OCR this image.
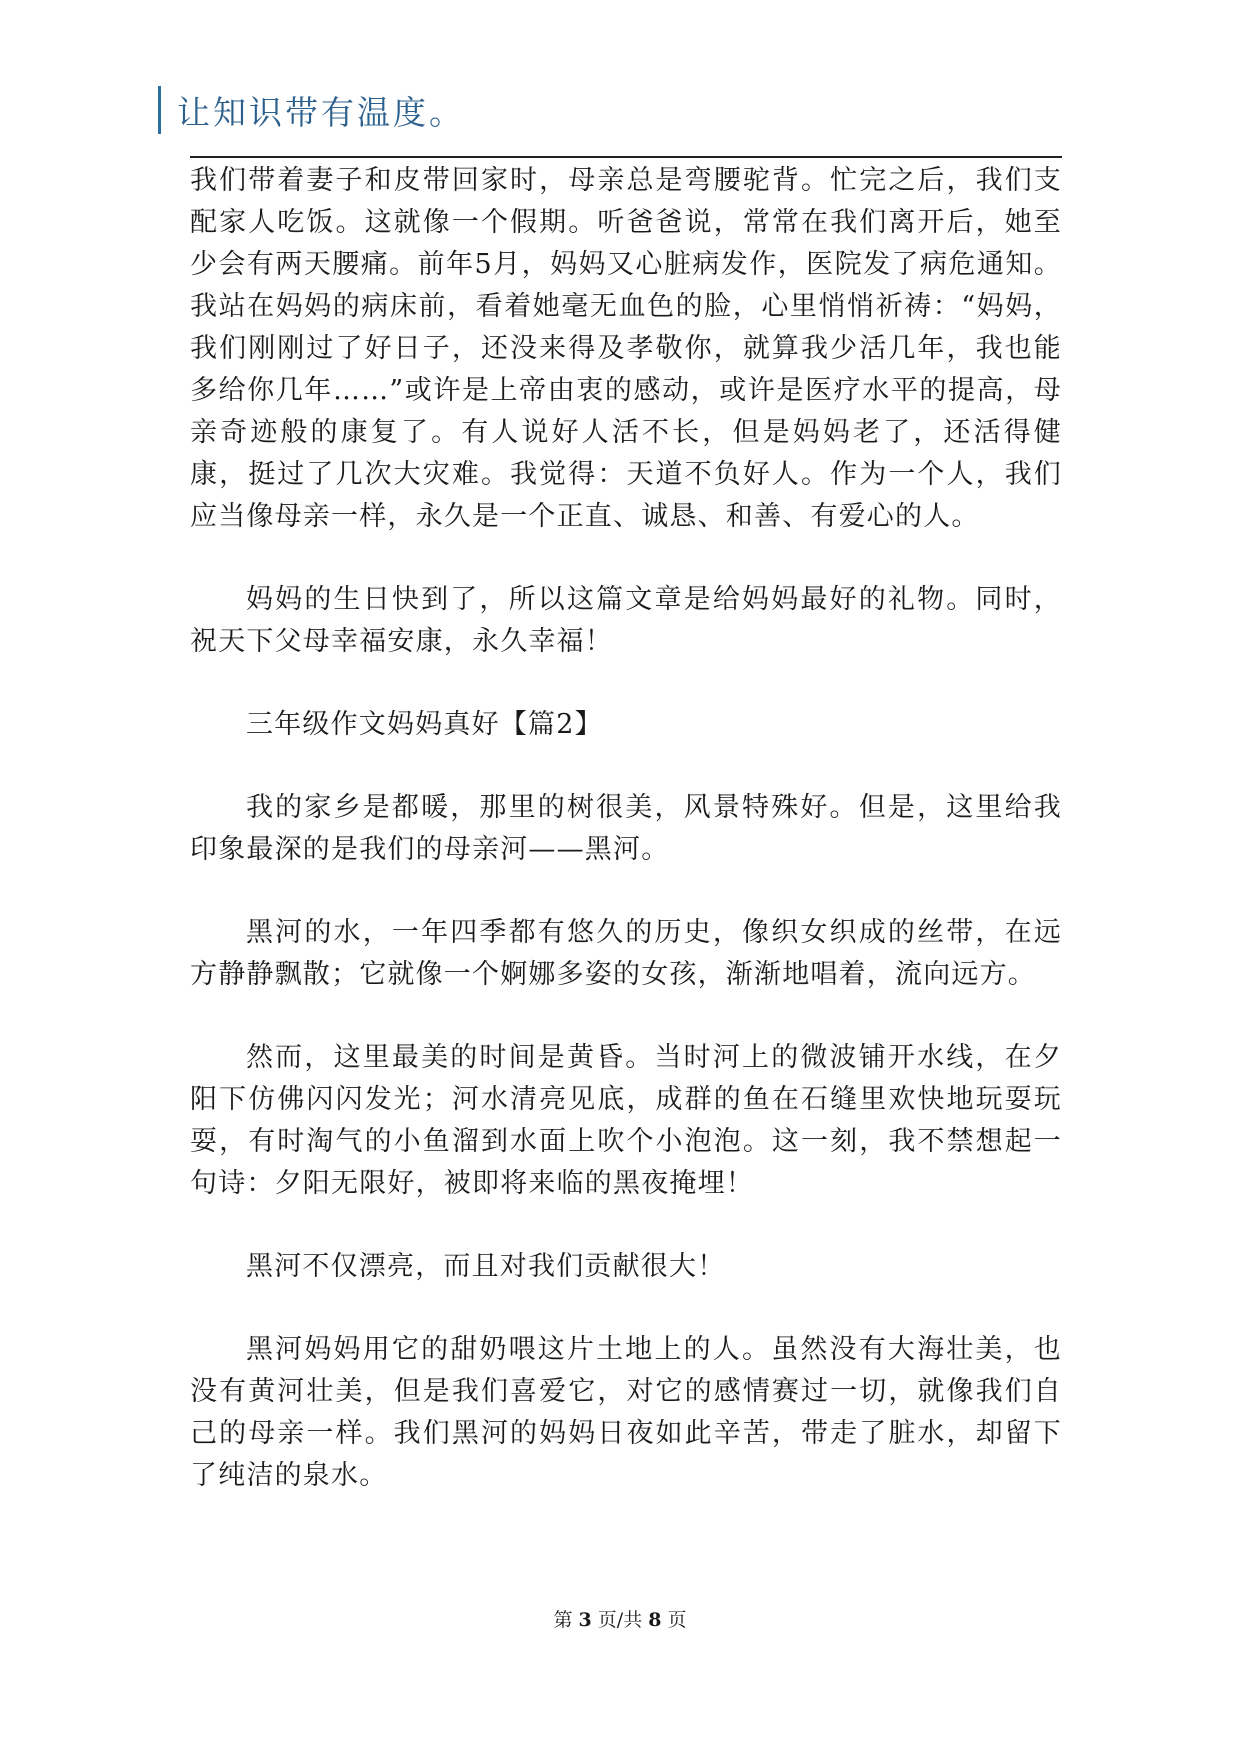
让知识带有温度。

我们带着妻子和皮带回家时，母亲总是弯腰驼背。忙完之后，我们支配家人吃饭。这就像一个假期。听爸爸说，常常在我们离开后，她至少会有两天腰痛。前年5月，妈妈又心脏病发作，医院发了病危通知。我站在妈妈的病床前，看着她毫无血色的脸，心里悄悄祈祷：“妈妈，我们刚刚过了好日子，还没来得及孝敬你，就算我少活几年，我也能多给你几年……”或许是上帝由衷的感动，或许是医疗水平的提高，母亲奇迹般的康复了。有人说好人活不长，但是妈妈老了，还活得健康，挺过了几次大灾难。我觉得：天道不负好人。作为一个人，我们应当像母亲一样，永久是一个正直、诚恳、和善、有爱心的人。

妈妈的生日快到了，所以这篇文章是给妈妈最好的礼物。同时，祝天下父母幸福安康，永久幸福！

三年级作文妈妈真好【篇2】

我的家乡是都暖，那里的树很美，风景特殊好。但是，这里给我印象最深的是我们的母亲河——黑河。

黑河的水，一年四季都有悠久的历史，像织女织成的丝带，在远方静静飘散；它就像一个婀娜多姿的女孩，渐渐地唱着，流向远方。

然而，这里最美的时间是黄昏。当时河上的微波铺开水线，在夕阳下仿佛闪闪发光；河水清亮见底，成群的鱼在石缝里欢快地玩耍玩耍，有时淘气的小鱼溜到水面上吹个小泡泡。这一刻，我不禁想起一句诗：夕阳无限好，被即将来临的黑夜掩埋！

黑河不仅漂亮，而且对我们贡献很大！

黑河妈妈用它的甜奶喂这片土地上的人。虽然没有大海壮美，也没有黄河壮美，但是我们喜爱它，对它的感情赛过一切，就像我们自己的母亲一样。我们黑河的妈妈日夜如此辛苦，带走了脏水，却留下了纯洁的泉水。

第 3 页/共 8 页
